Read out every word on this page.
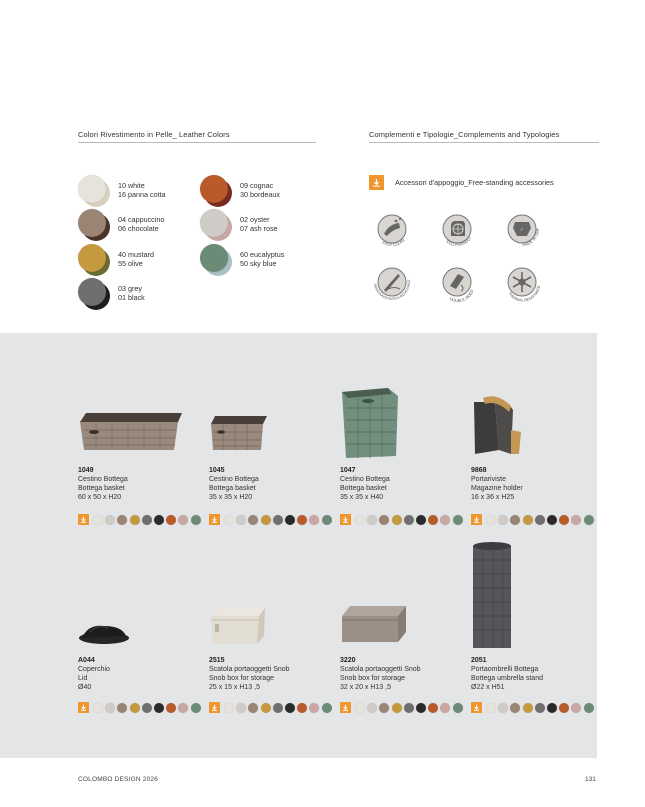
Colori Rivestimento in Pelle_ Leather Colors	Complementi e Tipologie_Complements and Typologies
10 white
16 panna cotta
09 cognac
30 bordeaux
04 cappuccino
06 chocolate
02 oyster
07 ash rose
40 mustard
55 olive
60 eucalyptus
50 sky blue
03 grey
01 black
Accessori d'appoggio_Free-standing accessories
EASY CLEAN	ECO FRIENDLY
✓
MADE IN GER
ABRASION/SCRATCH RESISTANCE
DOUBLE SIDED
THERMAL RESISTANCE
1049
Cestino Bottega
Bottega basket
60 x 50 x H20
1045
Cestino Bottega
Bottega basket
35 x 35 x H20
1047
Cestino Bottega
Bottega basket
35 x 35 x H40
9868
Portariviste
Magazine holder
16 x 36 x H25
A044
Coperchio
Lid
Ø40
2515
Scatola portaoggetti Snob
Snob box for storage
25 x 15 x H13 ,5
3220
Scatola portaoggetti Snob
Snob box for storage
32 x 20 x H13 ,5
2051
Portaombrelli Bottega
Bottega umbrella stand
Ø22 x H51
COLOMBO DESIGN 2026	131
